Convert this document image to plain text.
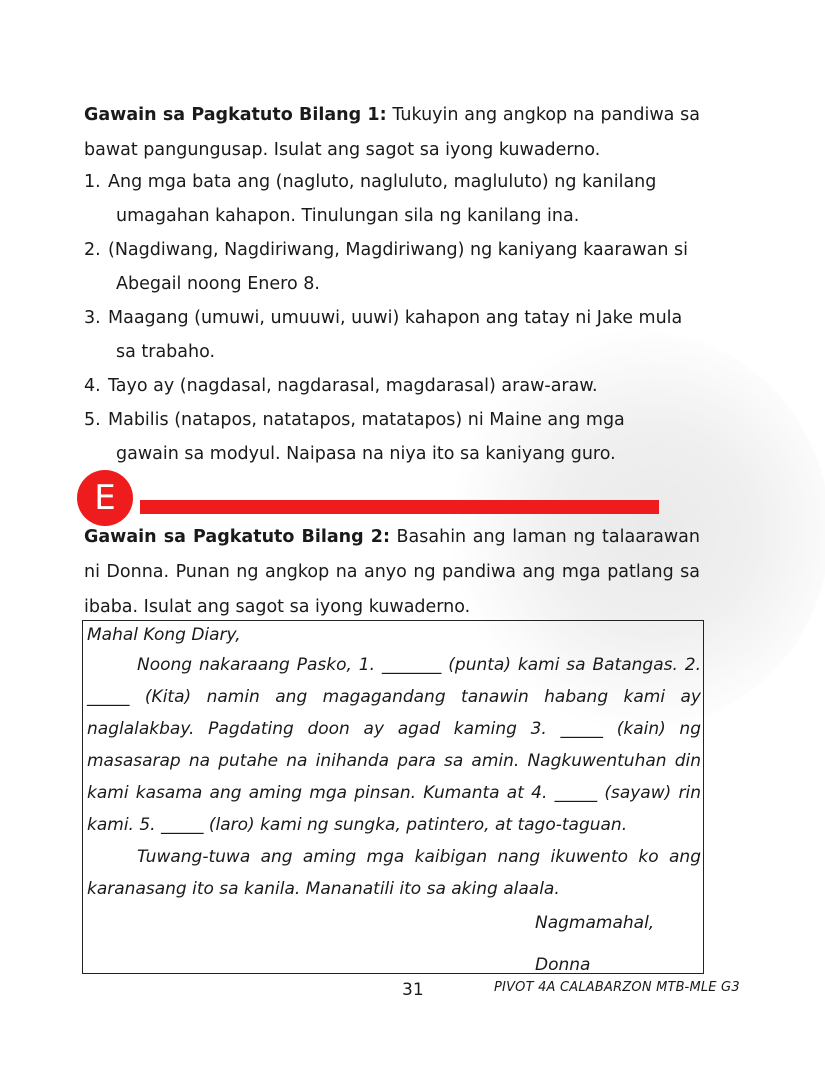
Gawain sa Pagkatuto Bilang 1: Tukuyin ang angkop na pandiwa sa bawat pangungusap. Isulat ang sagot sa iyong kuwaderno.

1. Ang mga bata ang (nagluto, nagluluto, magluluto) ng kanilang
umagahan kahapon. Tinulungan sila ng kanilang ina.
2. (Nagdiwang, Nagdiriwang, Magdiriwang) ng kaniyang kaarawan si
Abegail noong Enero 8.
3. Maagang (umuwi, umuuwi, uuwi) kahapon ang tatay ni Jake mula
sa trabaho.
4. Tayo ay (nagdasal, nagdarasal, magdarasal) araw-araw.
5. Mabilis (natapos, natatapos, matatapos) ni Maine ang mga
gawain sa modyul. Naipasa na niya ito sa kaniyang guro.
E

Gawain sa Pagkatuto Bilang 2: Basahin ang laman ng talaarawan ni Donna. Punan ng angkop na anyo ng pandiwa ang mga patlang sa ibaba. Isulat ang sagot sa iyong kuwaderno.

Mahal Kong Diary,

Noong nakaraang Pasko, 1. _______ (punta) kami sa Batangas. 2. _____ (Kita) namin ang magagandang tanawin habang kami ay naglalakbay. Pagdating doon ay agad kaming 3. _____ (kain) ng masasarap na putahe na inihanda para sa amin. Nagkuwentuhan din kami kasama ang aming mga pinsan. Kumanta at 4. _____ (sayaw) rin kami. 5. _____ (laro) kami ng sungka, patintero, at tago-taguan.

Tuwang-tuwa ang aming mga kaibigan nang ikuwento ko ang karanasang ito sa kanila. Mananatili ito sa aking alaala.

Nagmamahal,
Donna
31	PIVOT 4A CALABARZON MTB-MLE G3
